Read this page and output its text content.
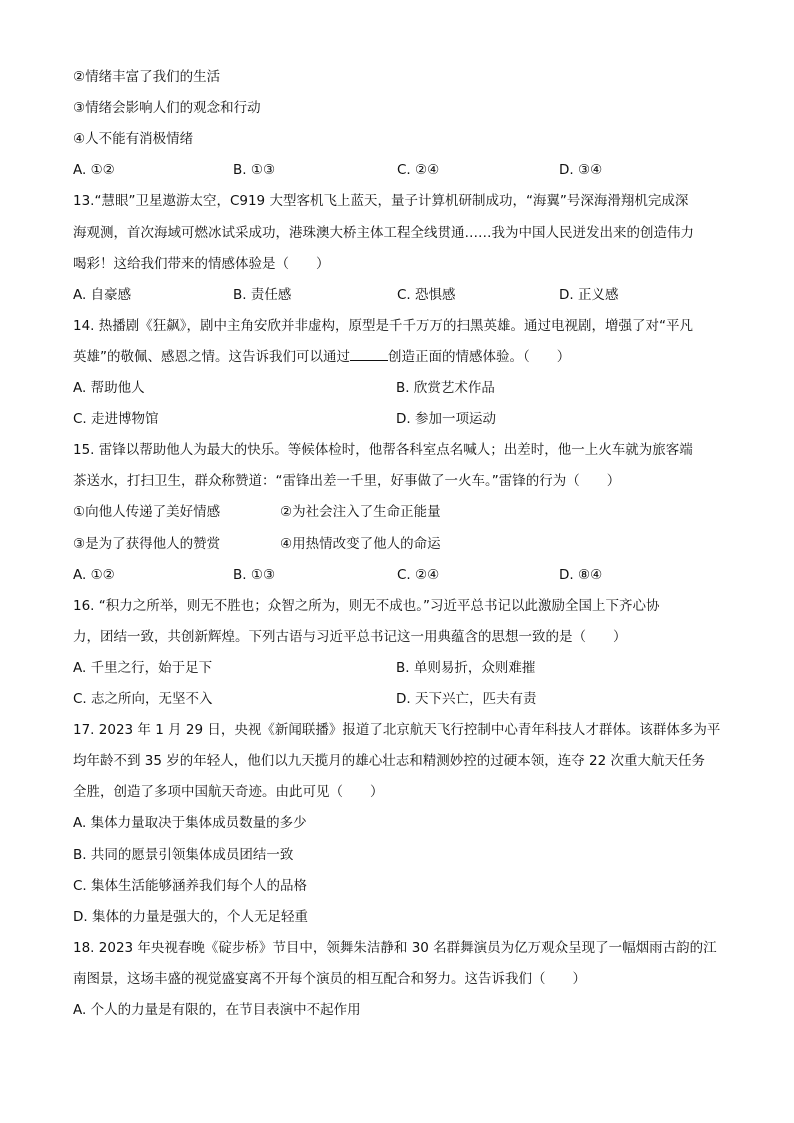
②情绪丰富了我们的生活

③情绪会影响人们的观念和行动

④人不能有消极情绪

A. ①②	B. ①③	C. ②④	D. ③④

13.“慧眼”卫星遨游太空，C919 大型客机飞上蓝天，量子计算机研制成功，“海翼”号深海滑翔机完成深

海观测，首次海域可燃冰试采成功，港珠澳大桥主体工程全线贯通……我为中国人民迸发出来的创造伟力

喝彩！这给我们带来的情感体验是（　　）

A. 自豪感	B. 责任感	C. 恐惧感	D. 正义感

14. 热播剧《狂飙》，剧中主角安欣并非虚构，原型是千千万万的扫黑英雄。通过电视剧，增强了对“平凡

英雄”的敬佩、感恩之情。这告诉我们可以通过	创造正面的情感体验。（　　）

A. 帮助他人	B. 欣赏艺术作品
C. 走进博物馆	D. 参加一项运动

15. 雷锋以帮助他人为最大的快乐。等候体检时，他帮各科室点名喊人；出差时，他一上火车就为旅客端

茶送水，打扫卫生，群众称赞道：“雷锋出差一千里，好事做了一火车。”雷锋的行为（　　）

①向他人传递了美好情感	②为社会注入了生命正能量
③是为了获得他人的赞赏	④用热情改变了他人的命运
A. ①②	B. ①③	C. ②④	D. ⑧④

16. “积力之所举，则无不胜也；众智之所为，则无不成也。”习近平总书记以此激励全国上下齐心协

力，团结一致，共创新辉煌。下列古语与习近平总书记这一用典蕴含的思想一致的是（　　）

A. 千里之行，始于足下	B. 单则易折，众则难摧
C. 志之所向，无坚不入	D. 天下兴亡，匹夫有责

17. 2023 年 1 月 29 日，央视《新闻联播》报道了北京航天飞行控制中心青年科技人才群体。该群体多为平

均年龄不到 35 岁的年轻人，他们以九天揽月的雄心壮志和精测妙控的过硬本领，连夺 22 次重大航天任务

全胜，创造了多项中国航天奇迹。由此可见（　　）

A. 集体力量取决于集体成员数量的多少

B. 共同的愿景引领集体成员团结一致

C. 集体生活能够涵养我们每个人的品格

D. 集体的力量是强大的，个人无足轻重

18. 2023 年央视春晚《碇步桥》节目中，领舞朱洁静和 30 名群舞演员为亿万观众呈现了一幅烟雨古韵的江

南图景，这场丰盛的视觉盛宴离不开每个演员的相互配合和努力。这告诉我们（　　）

A. 个人的力量是有限的，在节目表演中不起作用
